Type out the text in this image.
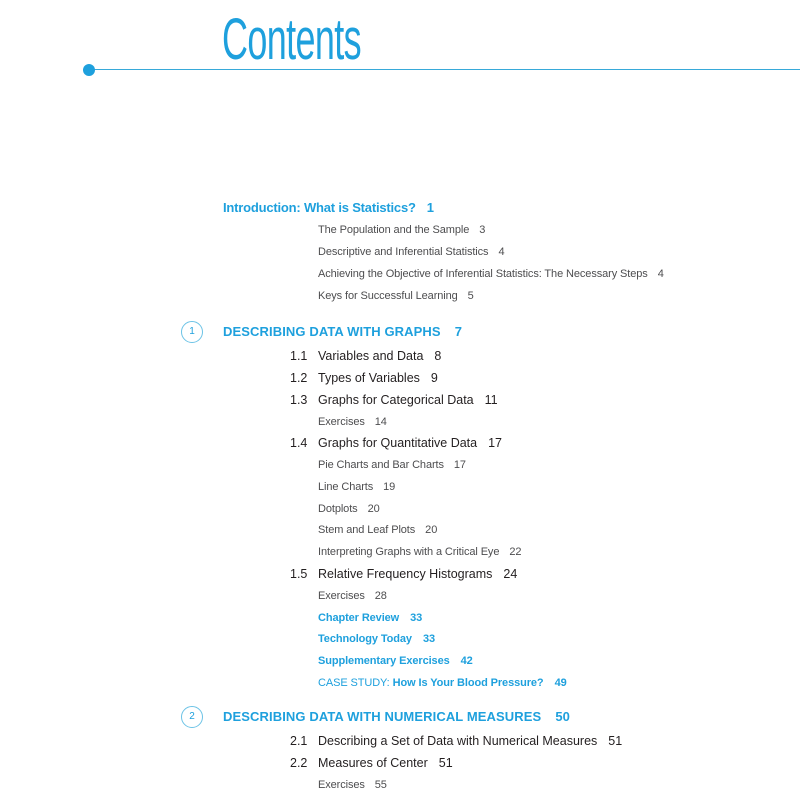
Contents
Introduction: What is Statistics? 1
The Population and the Sample 3
Descriptive and Inferential Statistics 4
Achieving the Objective of Inferential Statistics: The Necessary Steps 4
Keys for Successful Learning 5
1	DESCRIBING DATA WITH GRAPHS 7
1.1 Variables and Data 8
1.2 Types of Variables 9
1.3 Graphs for Categorical Data 11
Exercises 14
1.4 Graphs for Quantitative Data 17
Pie Charts and Bar Charts 17
Line Charts 19
Dotplots 20
Stem and Leaf Plots 20
Interpreting Graphs with a Critical Eye 22
1.5 Relative Frequency Histograms 24
Exercises 28
Chapter Review 33
Technology Today 33
Supplementary Exercises 42
CASE STUDY: How Is Your Blood Pressure? 49
2	DESCRIBING DATA WITH NUMERICAL MEASURES 50
2.1 Describing a Set of Data with Numerical Measures 51
2.2 Measures of Center 51
Exercises 55
